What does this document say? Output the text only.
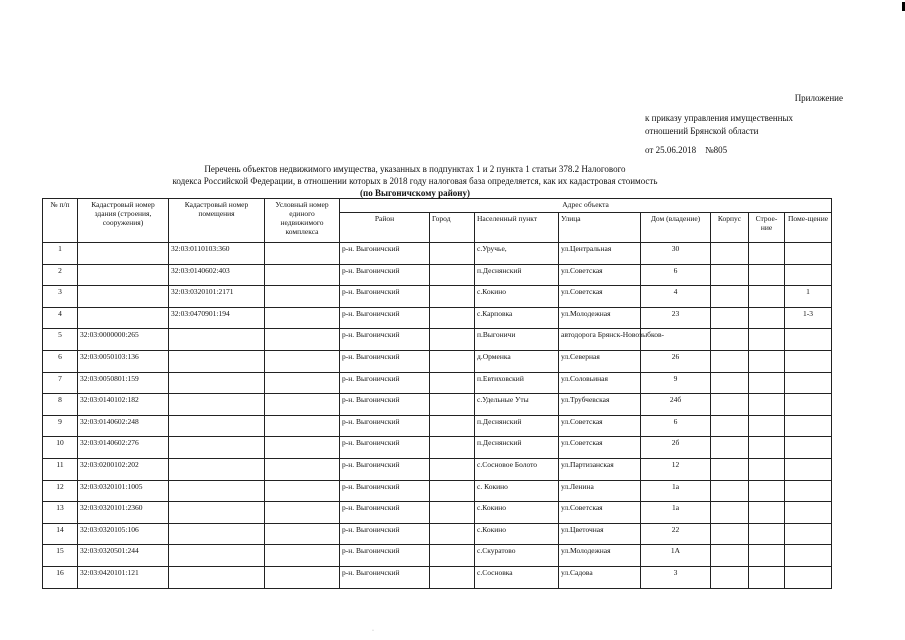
Приложение
к приказу управления имущественных
отношений Брянской области
от 25.06.2018    №805
Перечень объектов недвижимого имущества, указанных в подпунктах 1 и 2 пункта 1 статьи 378.2 Налогового
кодекса Российской Федерации, в отношении которых в 2018 году налоговая база определяется, как их кадастровая стоимость
(по Выгоничскому району)
№ п/п	Кадастровый номер здания (строения, сооружения)	Кадастровый номер помещения	Условный номер единого недвижимого комплекса	Адрес объекта							
				Район	Город	Населенный пункт	Улица	Дом (владение)	Корпус	Строе-ние	Поме-щение
1		32:03:0110103:360		р-н. Выгоничский		с.Уручье,	ул.Центральная	30			
2		32:03:0140602:403		р-н. Выгоничский		п.Деснянский	ул.Советская	6			
3		32:03:0320101:2171		р-н. Выгоничский		с.Кокино	ул.Советская	4			1
4		32:03:0470901:194		р-н. Выгоничский		с.Карповка	ул.Молодежная	23			1-3
5	32:03:0000000:265			р-н. Выгоничский		п.Выгоничи	автодорога Брянск-Новозыбков-				
6	32:03:0050103:136			р-н. Выгоничский		д.Орменка	ул.Северная	26			
7	32:03:0050801:159			р-н. Выгоничский		п.Евтиховский	ул.Соловьиная	9			
8	32:03:0140102:182			р-н. Выгоничский		с.Удельные Уты	ул.Трубчевская	24б			
9	32:03:0140602:248			р-н. Выгоничский		п.Деснянский	ул.Советская	6			
10	32:03:0140602:276			р-н. Выгоничский		п.Деснянский	ул.Советская	2б			
11	32:03:0200102:202			р-н. Выгоничский		с.Сосновое Болото	ул.Партизанская	12			
12	32:03:0320101:1005			р-н. Выгоничский		с. Кокино	ул.Ленина	1а			
13	32:03:0320101:2360			р-н. Выгоничский		с.Кокино	ул.Советская	1а			
14	32:03:0320105:106			р-н. Выгоничский		с.Кокино	ул.Цветочная	22			
15	32:03:0320501:244			р-н. Выгоничский		с.Скуратово	ул.Молодежная	1А			
16	32:03:0420101:121			р-н. Выгоничский		с.Сосновка	ул.Садова	3			
·
